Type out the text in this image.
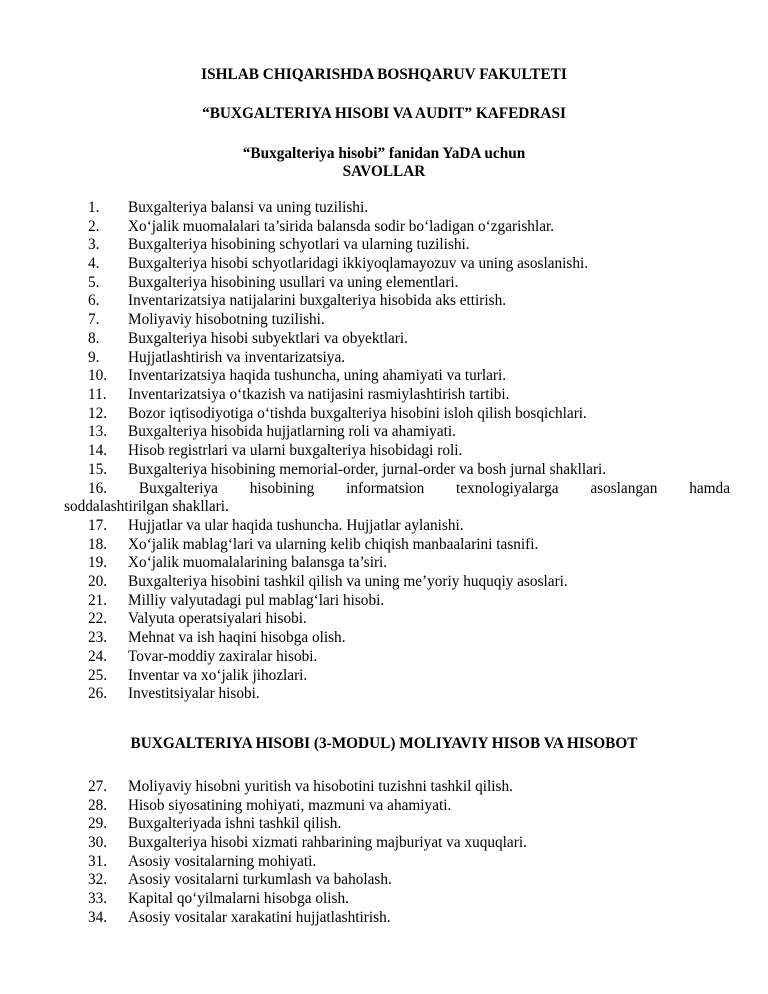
ISHLAB CHIQARISHDA BOSHQARUV FAKULTETI
“BUXGALTERIYA HISOBI VA AUDIT” KAFEDRASI
“Buxgalteriya hisobi” fanidan YaDA uchun
SAVOLLAR
1. Buxgalteriya balansi va uning tuzilishi.
2. Xo‘jalik muomalalari ta’sirida balansda sodir bo‘ladigan o‘zgarishlar.
3. Buxgalteriya hisobining schyotlari va ularning tuzilishi.
4. Buxgalteriya hisobi schyotlaridagi ikkiyoqlamayozuv va uning asoslanishi.
5. Buxgalteriya hisobining usullari va uning elementlari.
6. Inventarizatsiya natijalarini buxgalteriya hisobida aks ettirish.
7. Moliyaviy hisobotning tuzilishi.
8. Buxgalteriya hisobi subyektlari va obyektlari.
9. Hujjatlashtirish va inventarizatsiya.
10. Inventarizatsiya haqida tushuncha, uning ahamiyati va turlari.
11. Inventarizatsiya o‘tkazish va natijasini rasmiylashtirish tartibi.
12. Bozor iqtisodiyotiga o‘tishda buxgalteriya hisobini isloh qilish bosqichlari.
13. Buxgalteriya hisobida hujjatlarning roli va ahamiyati.
14. Hisob registrlari va ularni buxgalteriya hisobidagi roli.
15. Buxgalteriya hisobining memorial-order, jurnal-order va bosh jurnal shakllari.
16. Buxgalteriya hisobining informatsion texnologiyalarga asoslangan hamda
soddalashtirilgan shakllari.
17. Hujjatlar va ular haqida tushuncha. Hujjatlar aylanishi.
18. Xo‘jalik mablag‘lari va ularning kelib chiqish manbaalarini tasnifi.
19. Xo‘jalik muomalalarining balansga ta’siri.
20. Buxgalteriya hisobini tashkil qilish va uning me’yoriy huquqiy asoslari.
21. Milliy valyutadagi pul mablag‘lari hisobi.
22. Valyuta operatsiyalari hisobi.
23. Mehnat va ish haqini hisobga olish.
24. Tovar-moddiy zaxiralar hisobi.
25. Inventar va xo‘jalik jihozlari.
26. Investitsiyalar hisobi.
BUXGALTERIYA HISOBI (3-MODUL) MOLIYAVIY HISOB VA HISOBOT
27. Moliyaviy hisobni yuritish va hisobotini tuzishni tashkil qilish.
28. Hisob siyosatining mohiyati, mazmuni va ahamiyati.
29. Buxgalteriyada ishni tashkil qilish.
30. Buxgalteriya hisobi xizmati rahbarining majburiyat va xuquqlari.
31. Asosiy vositalarning mohiyati.
32. Asosiy vositalarni turkumlash va baholash.
33. Kapital qo‘yilmalarni hisobga olish.
34. Asosiy vositalar xarakatini hujjatlashtirish.
